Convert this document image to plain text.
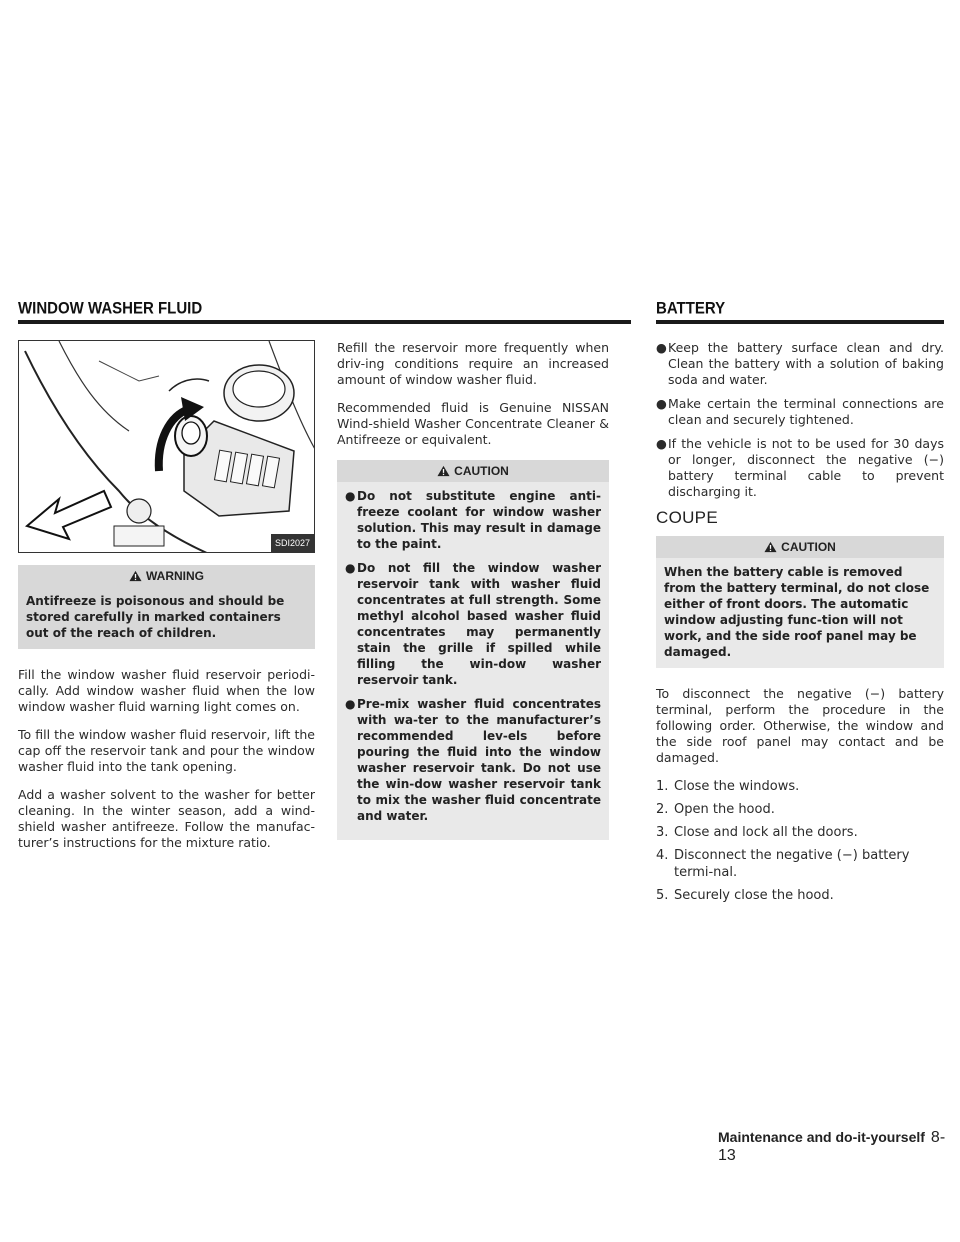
WINDOW WASHER FLUID	BATTERY
SDI2027
WARNING
Antifreeze is poisonous and should be stored carefully in marked containers out of the reach of children.

Fill the window washer fluid reservoir periodi-cally. Add window washer fluid when the low window washer fluid warning light comes on.

To fill the window washer fluid reservoir, lift the cap off the reservoir tank and pour the window washer fluid into the tank opening.

Add a washer solvent to the washer for better cleaning. In the winter season, add a wind-shield washer antifreeze. Follow the manufac-turer’s instructions for the mixture ratio.

Refill the reservoir more frequently when driv-ing conditions require an increased amount of window washer fluid.

Recommended fluid is Genuine NISSAN Wind-shield Washer Concentrate Cleaner & Antifreeze or equivalent.

CAUTION
● Do not substitute engine anti-freeze coolant for window washer solution. This may result in damage to the paint.
● Do not fill the window washer reservoir tank with washer fluid concentrates at full strength. Some methyl alcohol based washer fluid concentrates may permanently stain the grille if spilled while filling the win-dow washer reservoir tank.
● Pre-mix washer fluid concentrates with wa-ter to the manufacturer’s recommended lev-els before pouring the fluid into the window washer reservoir tank. Do not use the win-dow washer reservoir tank to mix the washer fluid concentrate and water.
● Keep the battery surface clean and dry. Clean the battery with a solution of baking soda and water.
● Make certain the terminal connections are clean and securely tightened.
● If the vehicle is not to be used for 30 days or longer, disconnect the negative (−) battery terminal cable to prevent discharging it.
COUPE
CAUTION
When the battery cable is removed from the battery terminal, do not close either of front doors. The automatic window adjusting func-tion will not work, and the side roof panel may be damaged.

To disconnect the negative (−) battery terminal, perform the procedure in the following order. Otherwise, the window and the side roof panel may contact and be damaged.

1. Close the windows.
2. Open the hood.
3. Close and lock all the doors.
4. Disconnect the negative (−) battery termi-nal.
5. Securely close the hood.
Maintenance and do-it-yourself 8-13
